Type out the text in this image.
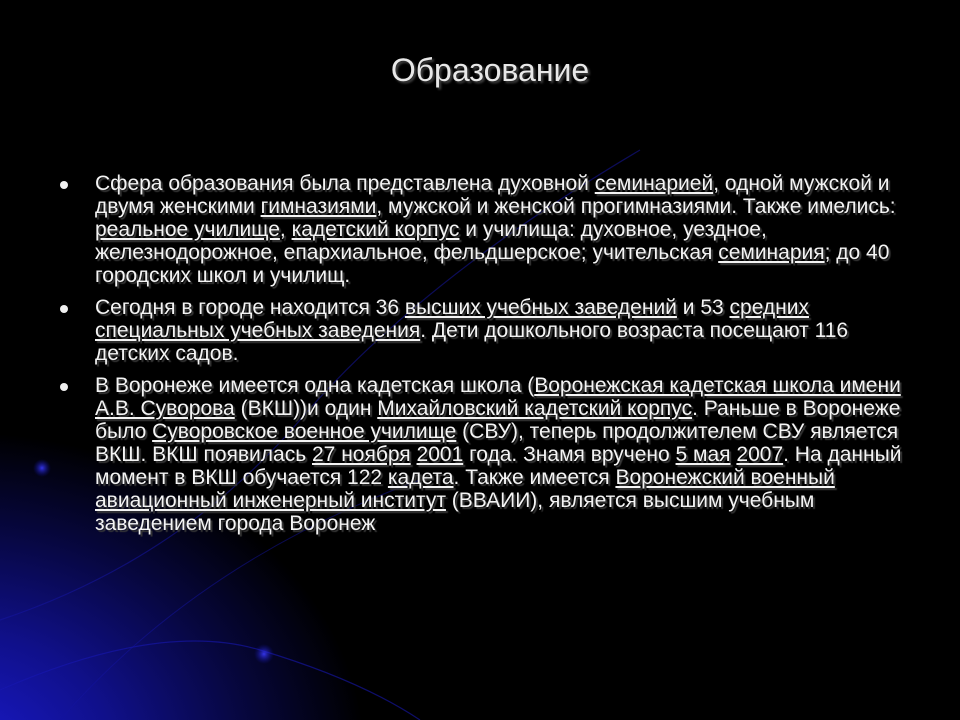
Образование
Сфера образования была представлена духовной семинарией, одной мужской и двумя женскими гимназиями, мужской и женской прогимназиями. Также имелись: реальное училище, кадетский корпус и училища: духовное, уездное, железнодорожное, епархиальное, фельдшерское; учительская семинария; до 40 городских школ и училищ.
Сегодня в городе находится 36 высших учебных заведений и 53 средних специальных учебных заведения. Дети дошкольного возраста посещают 116 детских садов.
В Воронеже имеется одна кадетская школа (Воронежская кадетская школа имени А.В. Суворова (ВКШ))и один Михайловский кадетский корпус. Раньше в Воронеже было Суворовское военное училище (СВУ), теперь продолжителем СВУ является ВКШ. ВКШ появилась 27 ноября 2001 года. Знамя вручено 5 мая 2007. На данный момент в ВКШ обучается 122 кадета. Также имеется Воронежский военный авиационный инженерный институт (ВВАИИ), является высшим учебным заведением города Воронеж
